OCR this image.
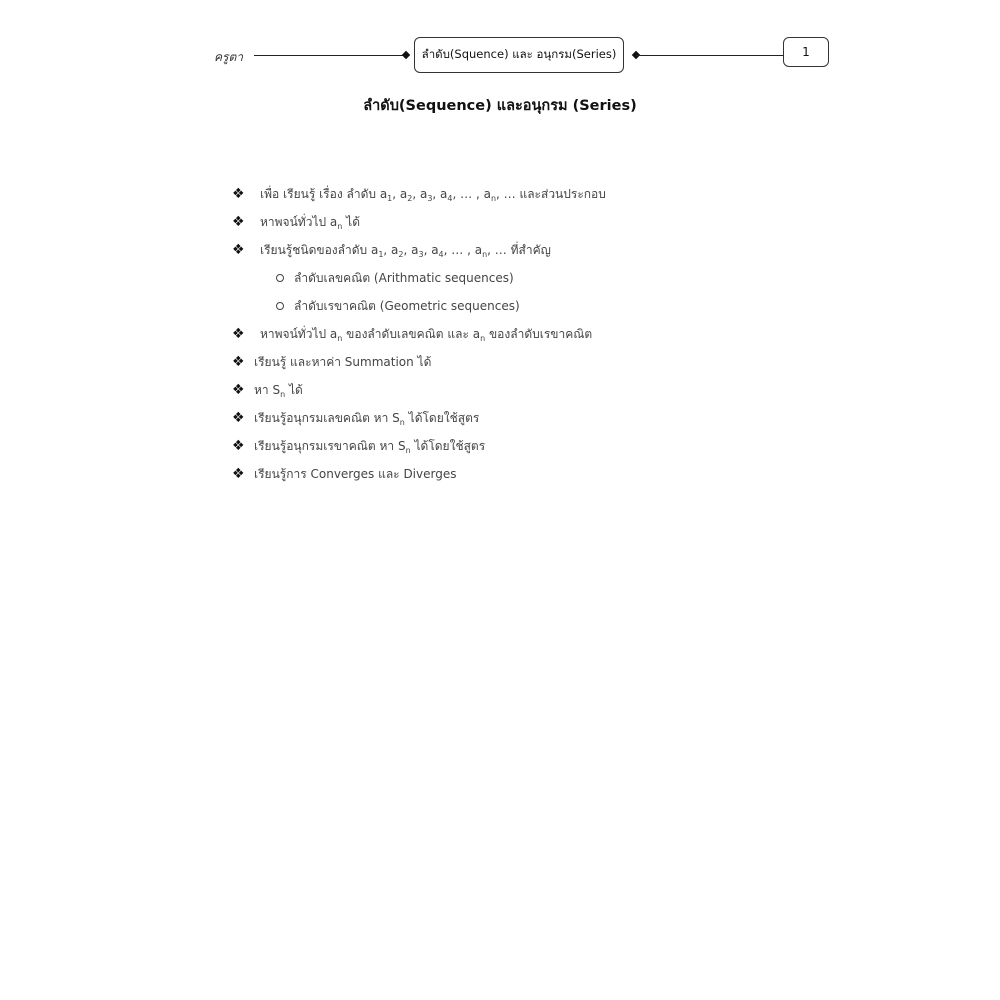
ครูตา	ลำดับ(Squence) และ อนุกรม(Series)	1
ลำดับ(Sequence) และอนุกรม (Series)
❖	เพื่อ เรียนรู้ เรื่อง ลำดับ $a_1$, $a_2$, $a_3$, $a_4$, … , $a_n$, … และส่วนประกอบ
❖	หาพจน์ทั่วไป $a_n$ ได้
❖	เรียนรู้ชนิดของลำดับ $a_1$, $a_2$, $a_3$, $a_4$, … , $a_n$, … ที่สำคัญ
ลำดับเลขคณิต (Arithmatic sequences)
ลำดับเรขาคณิต (Geometric sequences)
❖	หาพจน์ทั่วไป $a_n$ ของลำดับเลขคณิต และ $a_n$ ของลำดับเรขาคณิต
❖ เรียนรู้ และหาค่า Summation ได้
❖ หา $S_n$ ได้
❖ เรียนรู้อนุกรมเลขคณิต หา $S_n$ ได้โดยใช้สูตร
❖ เรียนรู้อนุกรมเรขาคณิต หา $S_n$ ได้โดยใช้สูตร
❖ เรียนรู้การ Converges และ Diverges
